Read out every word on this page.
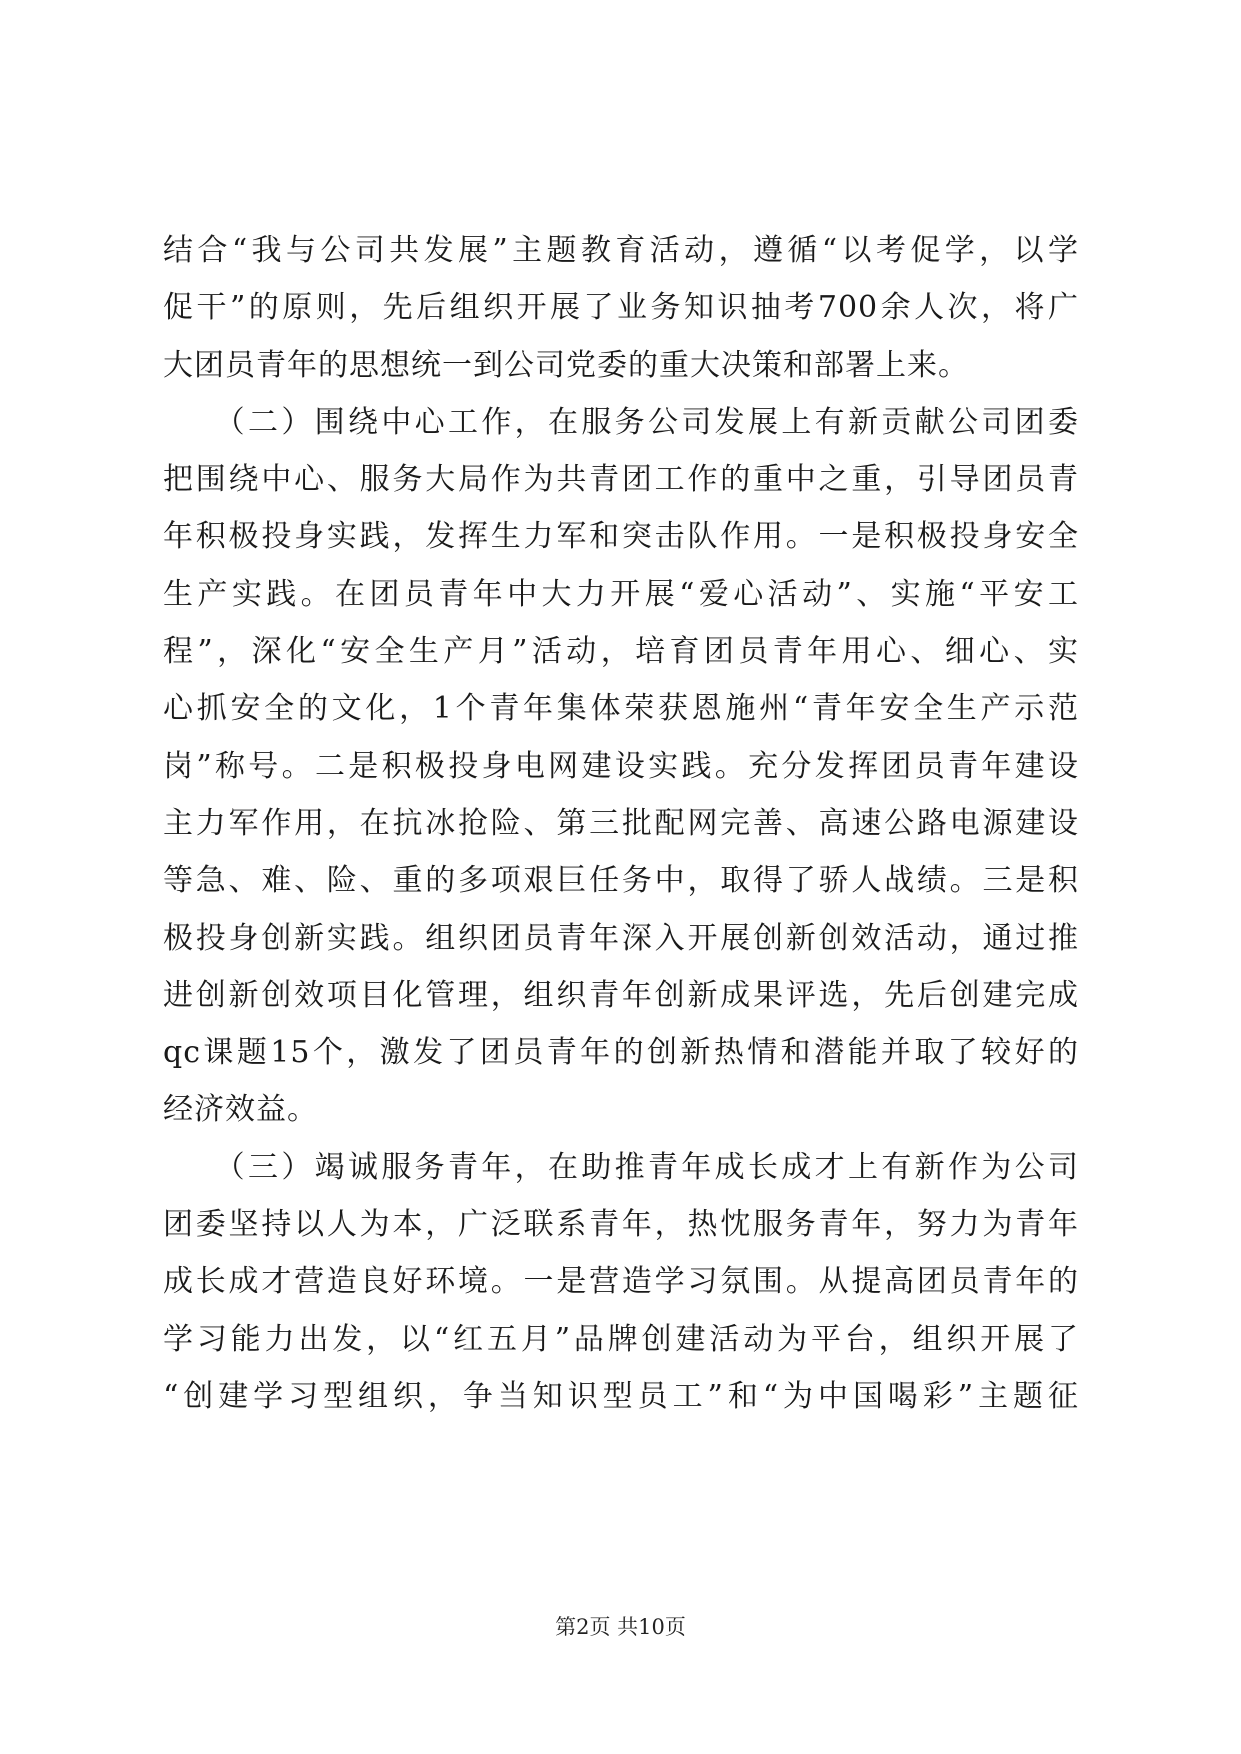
结合“我与公司共发展”主题教育活动，遵循“以考促学，以学
促干”的原则，先后组织开展了业务知识抽考700余人次，将广
大团员青年的思想统一到公司党委的重大决策和部署上来。
　　（二）围绕中心工作，在服务公司发展上有新贡献公司团委
把围绕中心、服务大局作为共青团工作的重中之重，引导团员青
年积极投身实践，发挥生力军和突击队作用。一是积极投身安全
生产实践。在团员青年中大力开展“爱心活动”、实施“平安工
程”，深化“安全生产月”活动，培育团员青年用心、细心、实
心抓安全的文化，1个青年集体荣获恩施州“青年安全生产示范
岗”称号。二是积极投身电网建设实践。充分发挥团员青年建设
主力军作用，在抗冰抢险、第三批配网完善、高速公路电源建设
等急、难、险、重的多项艰巨任务中，取得了骄人战绩。三是积
极投身创新实践。组织团员青年深入开展创新创效活动，通过推
进创新创效项目化管理，组织青年创新成果评选，先后创建完成
qc课题15个，激发了团员青年的创新热情和潜能并取了较好的
经济效益。
　　（三）竭诚服务青年，在助推青年成长成才上有新作为公司
团委坚持以人为本，广泛联系青年，热忱服务青年，努力为青年
成长成才营造良好环境。一是营造学习氛围。从提高团员青年的
学习能力出发，以“红五月”品牌创建活动为平台，组织开展了
“创建学习型组织，争当知识型员工”和“为中国喝彩”主题征
第2页 共10页
